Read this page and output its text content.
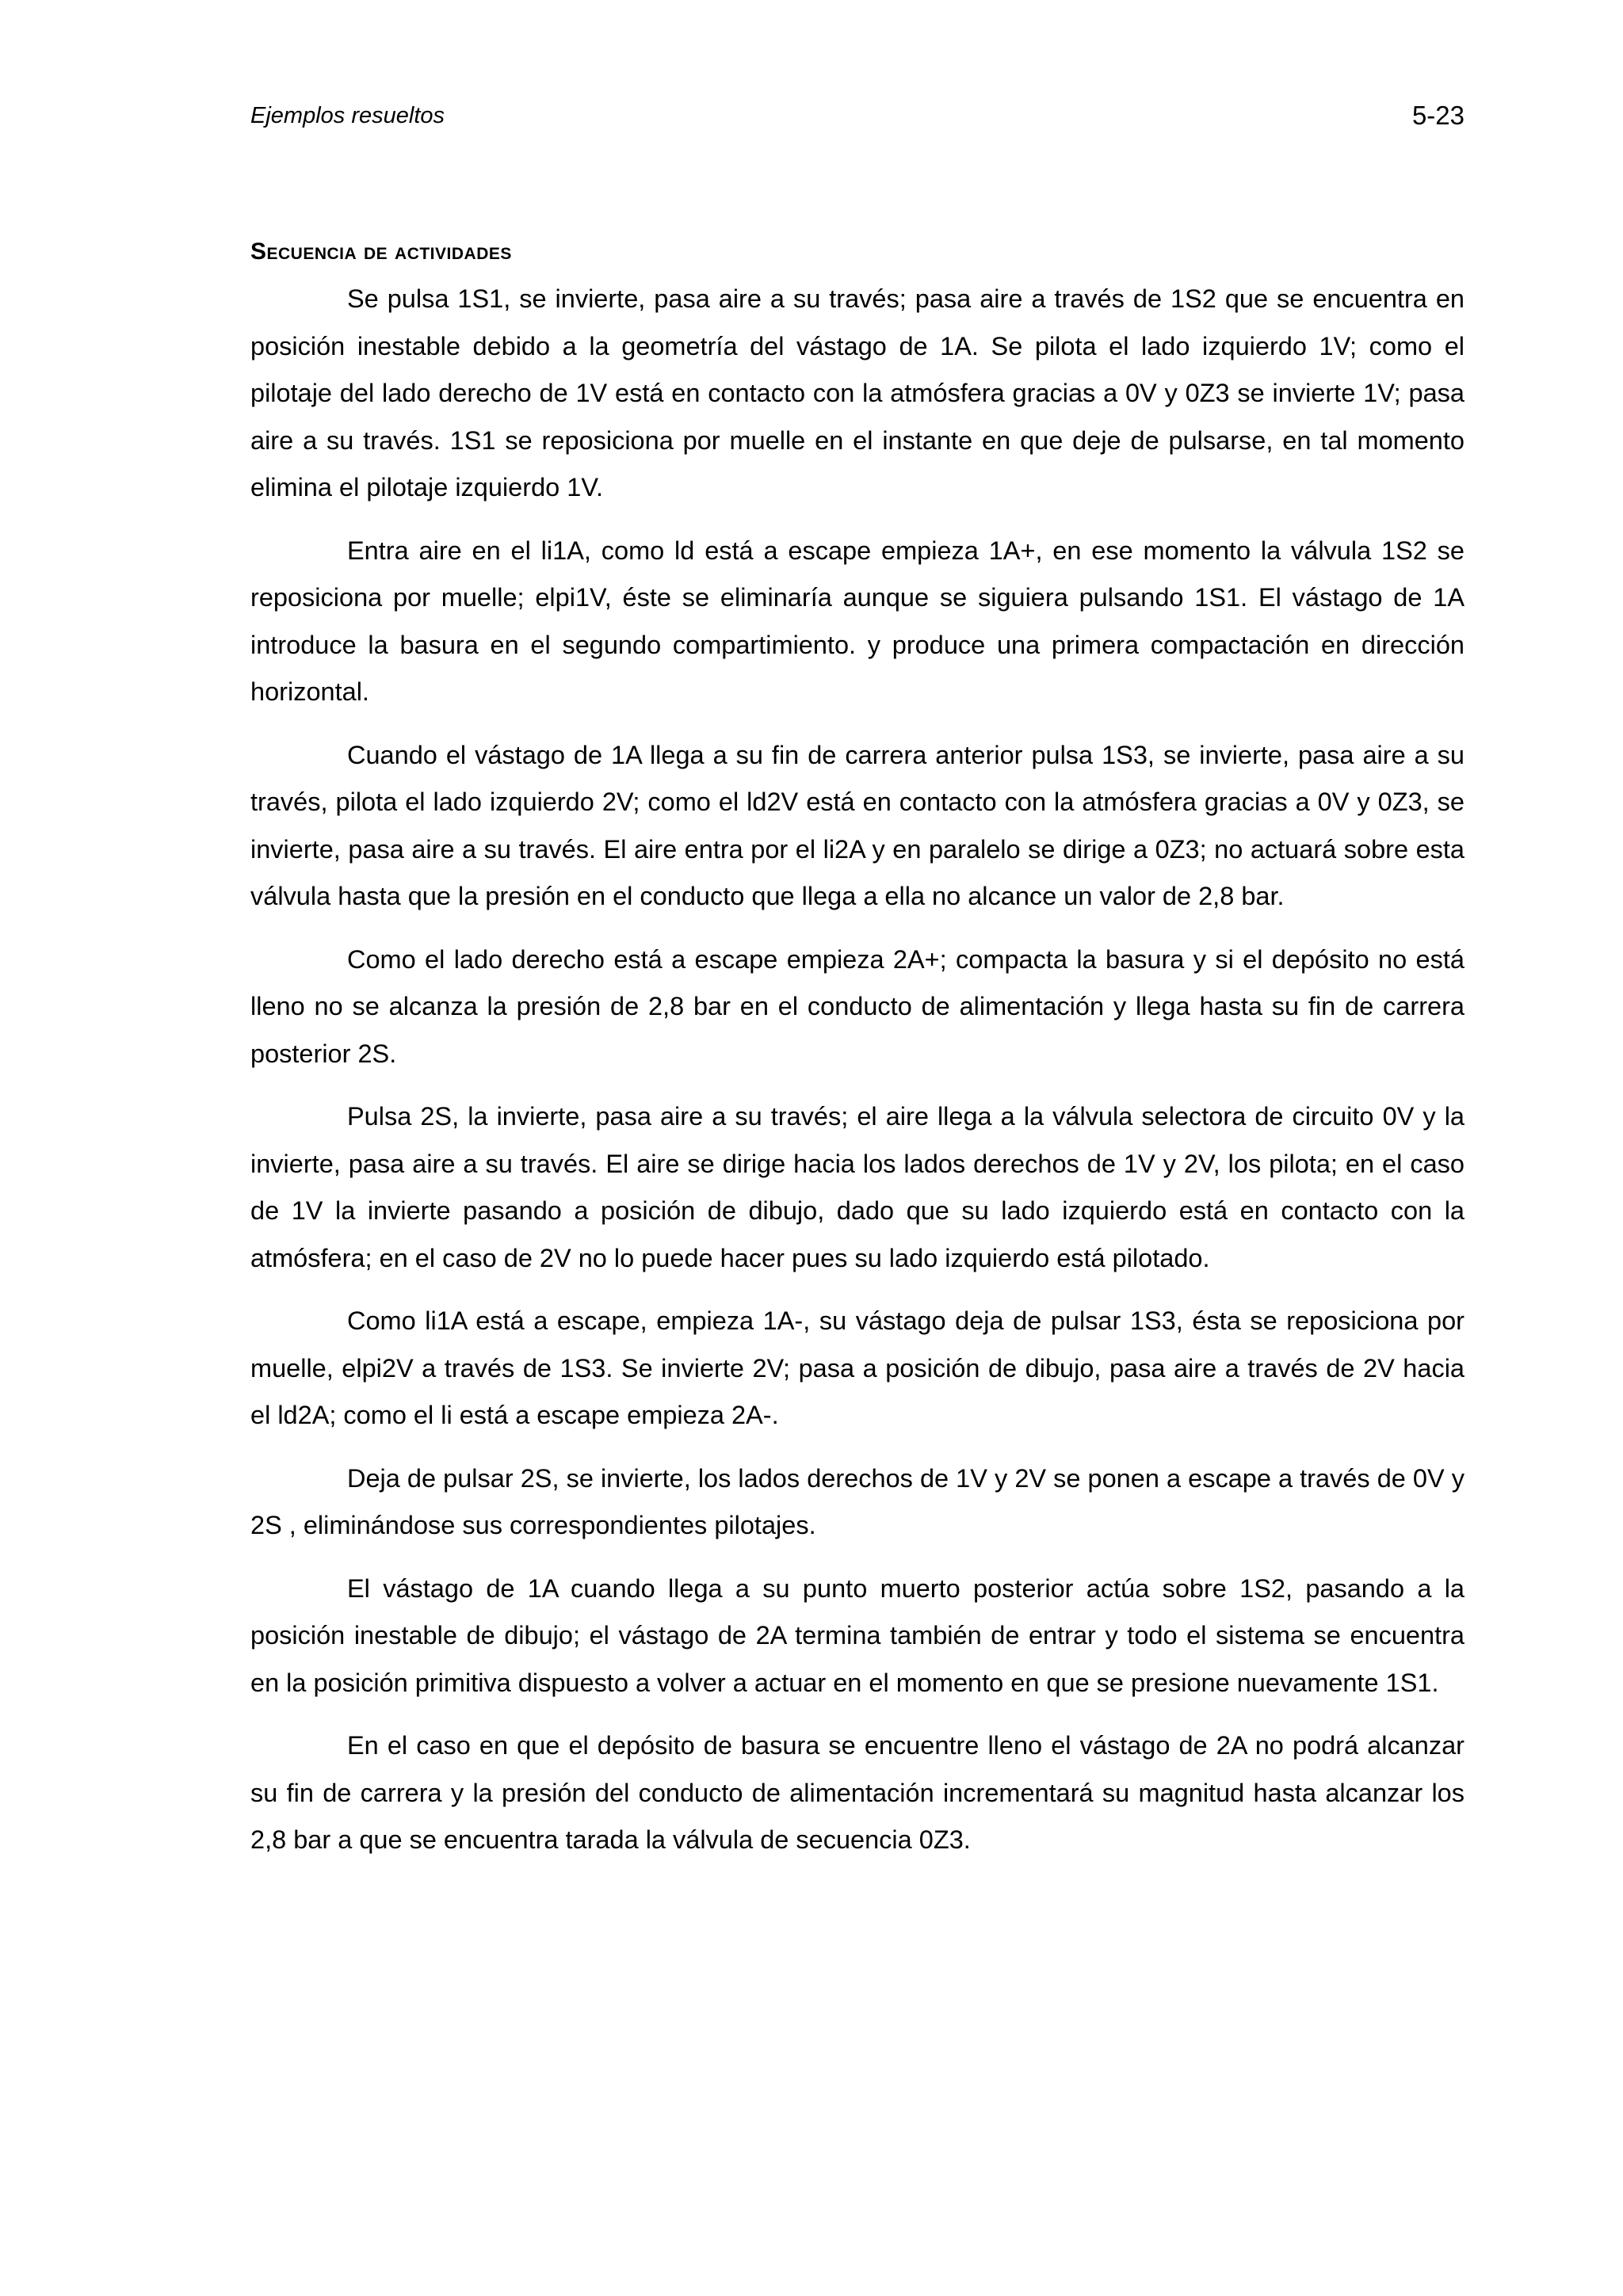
Ejemplos resueltos	5-23
Secuencia de actividades

Se pulsa 1S1, se invierte, pasa aire a su través; pasa aire a través de 1S2 que se encuentra en posición inestable debido a la geometría del vástago de 1A. Se pilota el lado izquierdo 1V; como el pilotaje del lado derecho de 1V está en contacto con la atmósfera gracias a 0V y 0Z3 se invierte 1V; pasa aire a su través. 1S1 se reposiciona por muelle en el instante en que deje de pulsarse, en tal momento elimina el pilotaje izquierdo 1V.

Entra aire en el li1A, como ld está a escape empieza 1A+, en ese momento la válvula 1S2 se reposiciona por muelle; elpi1V, éste se eliminaría aunque se siguiera pulsando 1S1. El vástago de 1A introduce la basura en el segundo compartimiento. y produce una primera compactación en dirección horizontal.

Cuando el vástago de 1A llega a su fin de carrera anterior pulsa 1S3, se invierte, pasa aire a su través, pilota el lado izquierdo 2V; como el ld2V está en contacto con la atmósfera gracias a 0V y 0Z3, se invierte, pasa aire a su través. El aire entra por el li2A y en paralelo se dirige a 0Z3; no actuará sobre esta válvula hasta que la presión en el conducto que llega a ella no alcance un valor de 2,8 bar.

Como el lado derecho está a escape empieza 2A+; compacta la basura y si el depósito no está lleno no se alcanza la presión de 2,8 bar en el conducto de alimentación y llega hasta su fin de carrera posterior 2S.

Pulsa 2S, la invierte, pasa aire a su través; el aire llega a la válvula selectora de circuito 0V y la invierte, pasa aire a su través. El aire se dirige hacia los lados derechos de 1V y 2V, los pilota; en el caso de 1V la invierte pasando a posición de dibujo, dado que su lado izquierdo está en contacto con la atmósfera; en el caso de 2V no lo puede hacer pues su lado izquierdo está pilotado.

Como li1A está a escape, empieza 1A-, su vástago deja de pulsar 1S3, ésta se reposiciona por muelle, elpi2V a través de 1S3. Se invierte 2V; pasa a posición de dibujo, pasa aire a través de 2V hacia el ld2A; como el li está a escape empieza 2A-.

Deja de pulsar 2S, se invierte, los lados derechos de 1V y 2V se ponen a escape a través de 0V y 2S , eliminándose sus correspondientes pilotajes.

El vástago de 1A cuando llega a su punto muerto posterior actúa sobre 1S2, pasando a la posición inestable de dibujo; el vástago de 2A termina también de entrar y todo el sistema se encuentra en la posición primitiva dispuesto a volver a actuar en el momento en que se presione nuevamente 1S1.

En el caso en que el depósito de basura se encuentre lleno el vástago de 2A no podrá alcanzar su fin de carrera y la presión del conducto de alimentación incrementará su magnitud hasta alcanzar los 2,8 bar a que se encuentra tarada la válvula de secuencia 0Z3.
